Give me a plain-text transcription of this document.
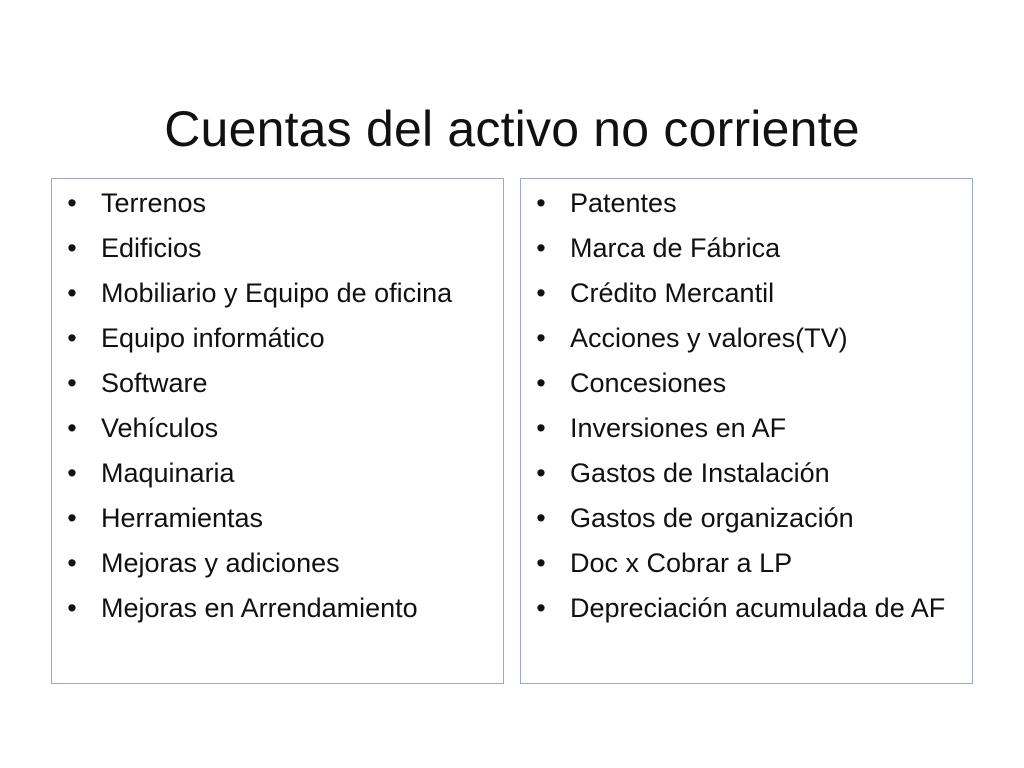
Cuentas del activo no corriente
• Terrenos
• Edificios
• Mobiliario y Equipo de oficina
• Equipo informático
• Software
• Vehículos
• Maquinaria
• Herramientas
• Mejoras y adiciones
• Mejoras en Arrendamiento
• Patentes
• Marca de Fábrica
• Crédito Mercantil
• Acciones y valores(TV)
• Concesiones
• Inversiones en AF
• Gastos de Instalación
• Gastos de organización
• Doc x Cobrar a LP
• Depreciación acumulada de AF
